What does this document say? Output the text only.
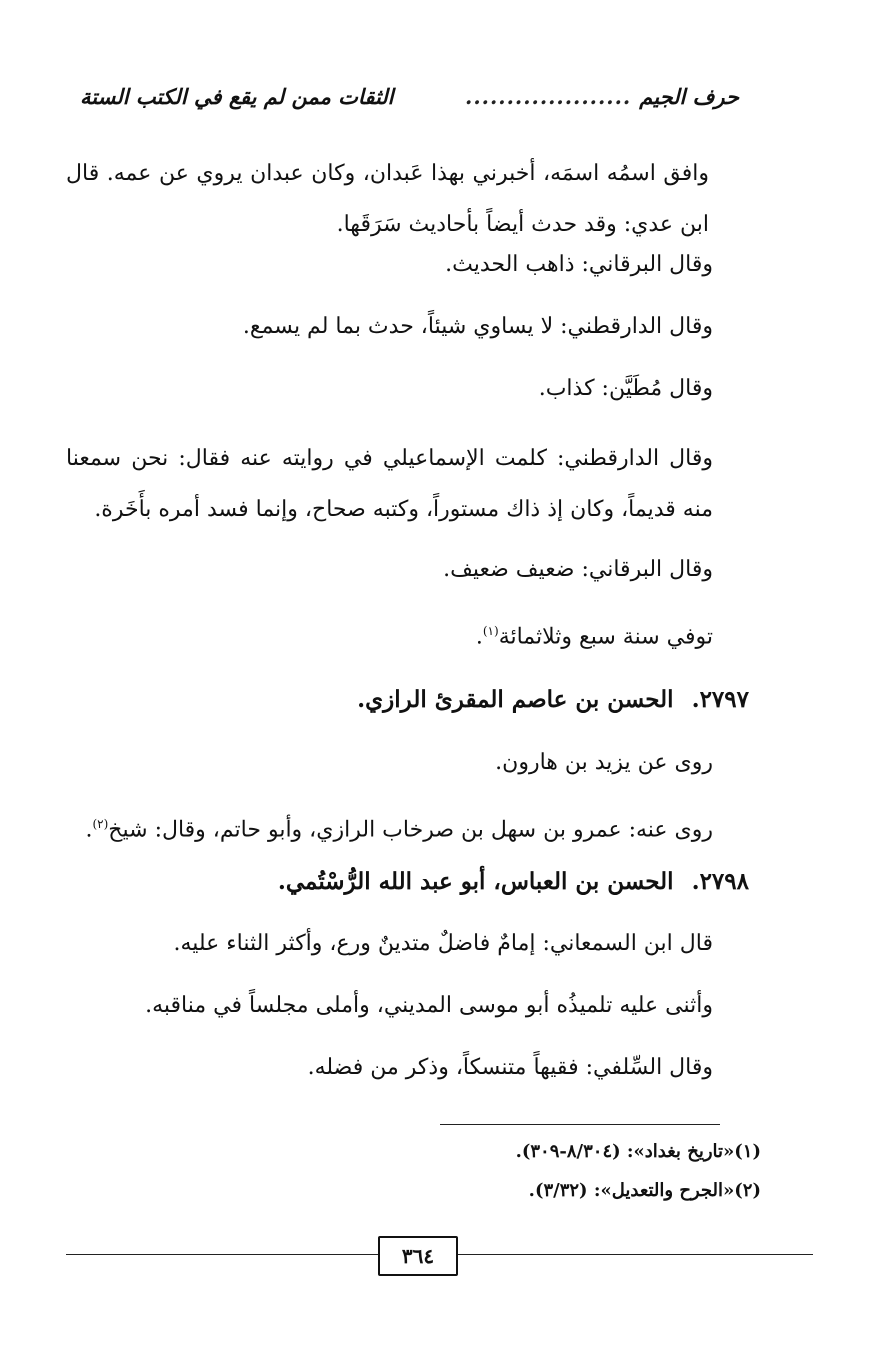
حرف الجيم
....................
الثقات ممن لم يقع في الكتب الستة

وافق اسمُه اسمَه، أخبرني بهذا عَبدان، وكان عبدان يروي عن عمه. قال ابن عدي: وقد حدث أيضاً بأحاديث سَرَقَها.

وقال البرقاني: ذاهب الحديث.

وقال الدارقطني: لا يساوي شيئاً، حدث بما لم يسمع.

وقال مُطَيَّن: كذاب.

وقال الدارقطني: كلمت الإسماعيلي في روايته عنه فقال: نحن سمعنا منه قديماً، وكان إذ ذاك مستوراً، وكتبه صحاح، وإنما فسد أمره بأَخَرة.

وقال البرقاني: ضعيف ضعيف.

توفي سنة سبع وثلاثمائة$^{(١)}$.

٢٧٩٧.
الحسن بن عاصم المقرئ الرازي.

روى عن يزيد بن هارون.

روى عنه: عمرو بن سهل بن صرخاب الرازي، وأبو حاتم، وقال: شيخ$^{(٢)}$.

٢٧٩٨.
الحسن بن العباس، أبو عبد الله الرُّسْتُمي.

قال ابن السمعاني: إمامٌ فاضلٌ متدينٌ ورع، وأكثر الثناء عليه.

وأثنى عليه تلميذُه أبو موسى المديني، وأملى مجلساً في مناقبه.

وقال السِّلفي: فقيهاً متنسكاً، وذكر من فضله.

(١)«تاريخ بغداد»: (٨/٣٠٤-٣٠٩).
(٢)«الجرح والتعديل»: (٣/٣٢).
٣٦٤
